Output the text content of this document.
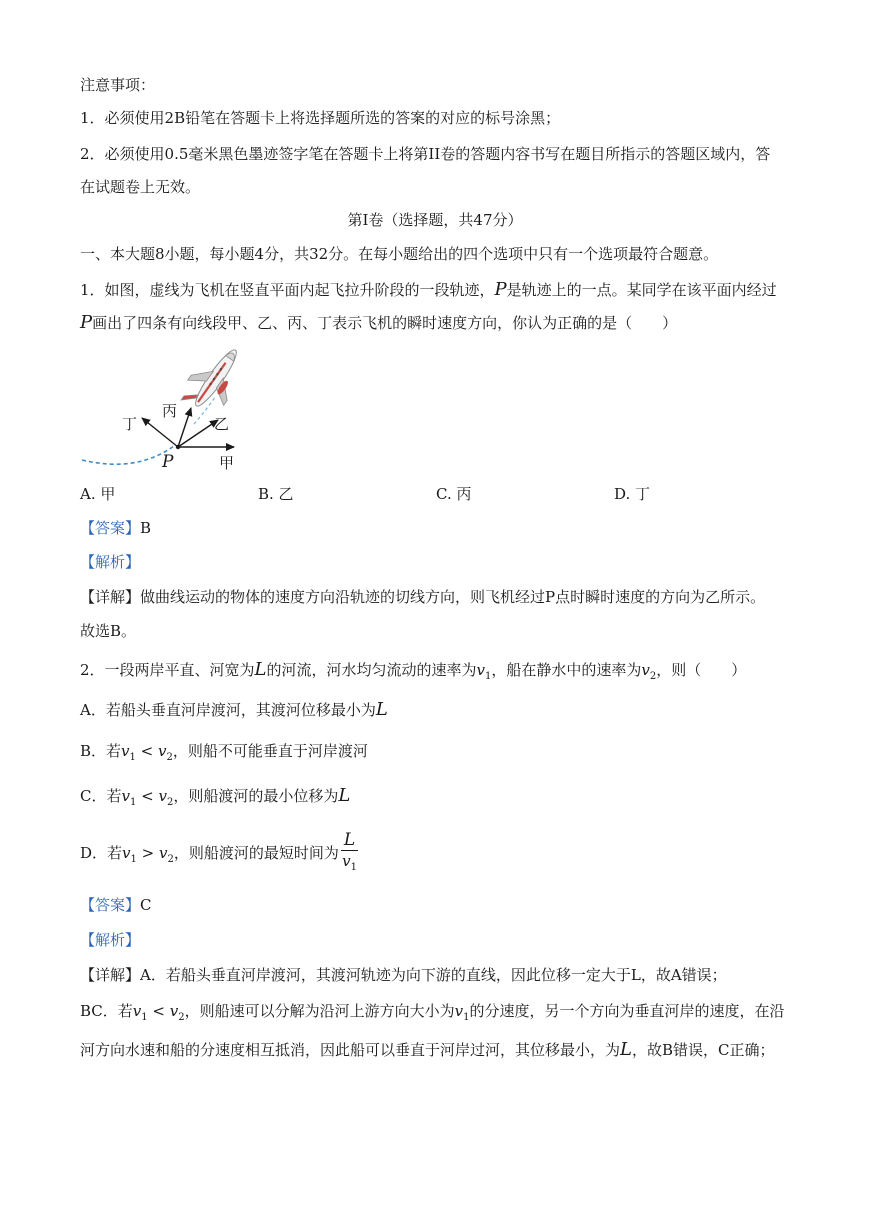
注意事项：
1．必须使用2B铅笔在答题卡上将选择题所选的答案的对应的标号涂黑；
2．必须使用0.5毫米黑色墨迹签字笔在答题卡上将第II卷的答题内容书写在题目所指示的答题区域内，答
在试题卷上无效。
第I卷（选择题，共47分）
一、本大题8小题，每小题4分，共32分。在每小题给出的四个选项中只有一个选项最符合题意。
1．如图，虚线为飞机在竖直平面内起飞拉升阶段的一段轨迹，P是轨迹上的一点。某同学在该平面内经过
P画出了四条有向线段甲、乙、丙、丁表示飞机的瞬时速度方向，你认为正确的是（　　）
丁
丙
乙
甲
P
A. 甲	B. 乙	C. 丙	D. 丁
【答案】B
【解析】
【详解】做曲线运动的物体的速度方向沿轨迹的切线方向，则飞机经过P点时瞬时速度的方向为乙所示。
故选B。
2．一段两岸平直、河宽为L的河流，河水均匀流动的速率为$v_1$，船在静水中的速率为$v_2$，则（　　）
A．若船头垂直河岸渡河，其渡河位移最小为L
B．若$v_1 < v_2$，则船不可能垂直于河岸渡河
C．若$v_1 < v_2$，则船渡河的最小位移为L
D．若$v_1 > v_2$，则船渡河的最短时间为 $\frac{L}{v_1}$
【答案】C
【解析】
【详解】A．若船头垂直河岸渡河，其渡河轨迹为向下游的直线，因此位移一定大于L，故A错误；
BC．若$v_1 < v_2$，则船速可以分解为沿河上游方向大小为$v_1$的分速度，另一个方向为垂直河岸的速度，在沿
河方向水速和船的分速度相互抵消，因此船可以垂直于河岸过河，其位移最小，为L，故B错误，C正确；
